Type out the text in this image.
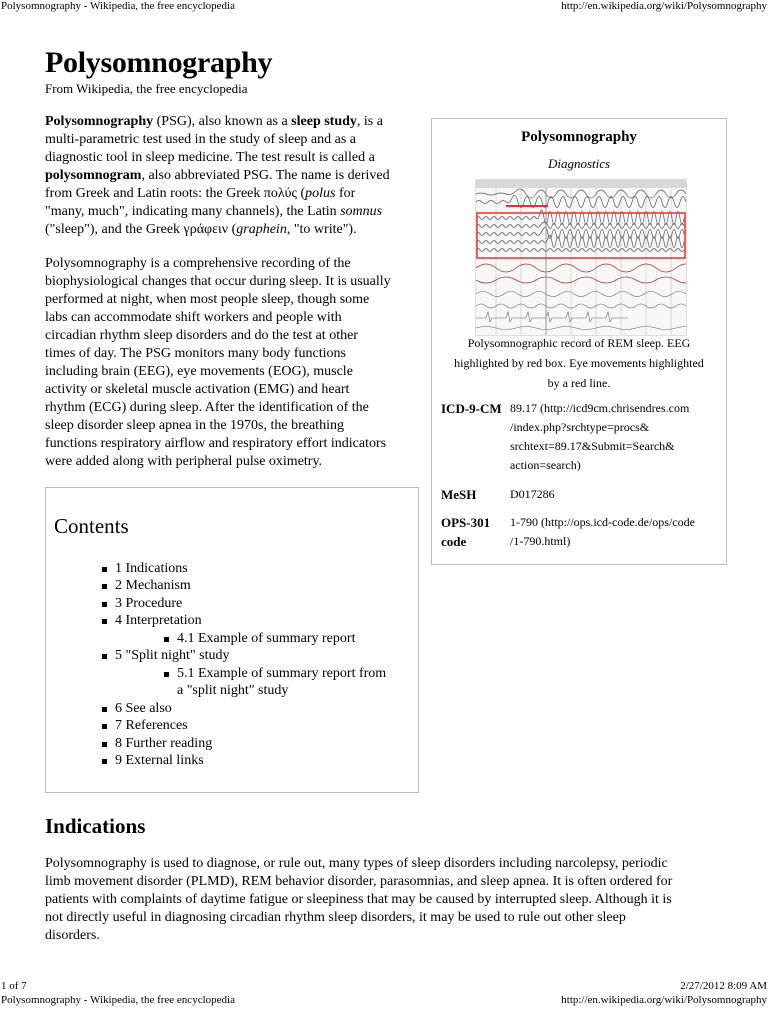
Polysomnography - Wikipedia, the free encyclopedia	http://en.wikipedia.org/wiki/Polysomnography
Polysomnography
From Wikipedia, the free encyclopedia
Polysomnography (PSG), also known as a sleep study, is a
multi-parametric test used in the study of sleep and as a
diagnostic tool in sleep medicine. The test result is called a
polysomnogram, also abbreviated PSG. The name is derived
from Greek and Latin roots: the Greek πολύς (polus for
"many, much", indicating many channels), the Latin somnus
("sleep"), and the Greek γράφειν (graphein, "to write").
Polysomnography is a comprehensive recording of the
biophysiological changes that occur during sleep. It is usually
performed at night, when most people sleep, though some
labs can accommodate shift workers and people with
circadian rhythm sleep disorders and do the test at other
times of day. The PSG monitors many body functions
including brain (EEG), eye movements (EOG), muscle
activity or skeletal muscle activation (EMG) and heart
rhythm (ECG) during sleep. After the identification of the
sleep disorder sleep apnea in the 1970s, the breathing
functions respiratory airflow and respiratory effort indicators
were added along with peripheral pulse oximetry.
Polysomnography
Diagnostics
Polysomnographic record of REM sleep. EEG
highlighted by red box. Eye movements highlighted
by a red line.
ICD-9-CM 89.17 (http://icd9cm.chrisendres.com
/index.php?srchtype=procs&
srchtext=89.17&Submit=Search&
action=search)
MeSH	D017286
OPS-301
code
1-790 (http://ops.icd-code.de/ops/code
/1-790.html)
Contents
1 Indications
2 Mechanism
3 Procedure
4 Interpretation
4.1 Example of summary report
5 "Split night" study
5.1 Example of summary report from
a "split night" study
6 See also
7 References
8 Further reading
9 External links
Indications
Polysomnography is used to diagnose, or rule out, many types of sleep disorders including narcolepsy, periodic
limb movement disorder (PLMD), REM behavior disorder, parasomnias, and sleep apnea. It is often ordered for
patients with complaints of daytime fatigue or sleepiness that may be caused by interrupted sleep. Although it is
not directly useful in diagnosing circadian rhythm sleep disorders, it may be used to rule out other sleep
disorders.
1 of 7	2/27/2012 8:09 AM
Polysomnography - Wikipedia, the free encyclopedia	http://en.wikipedia.org/wiki/Polysomnography
